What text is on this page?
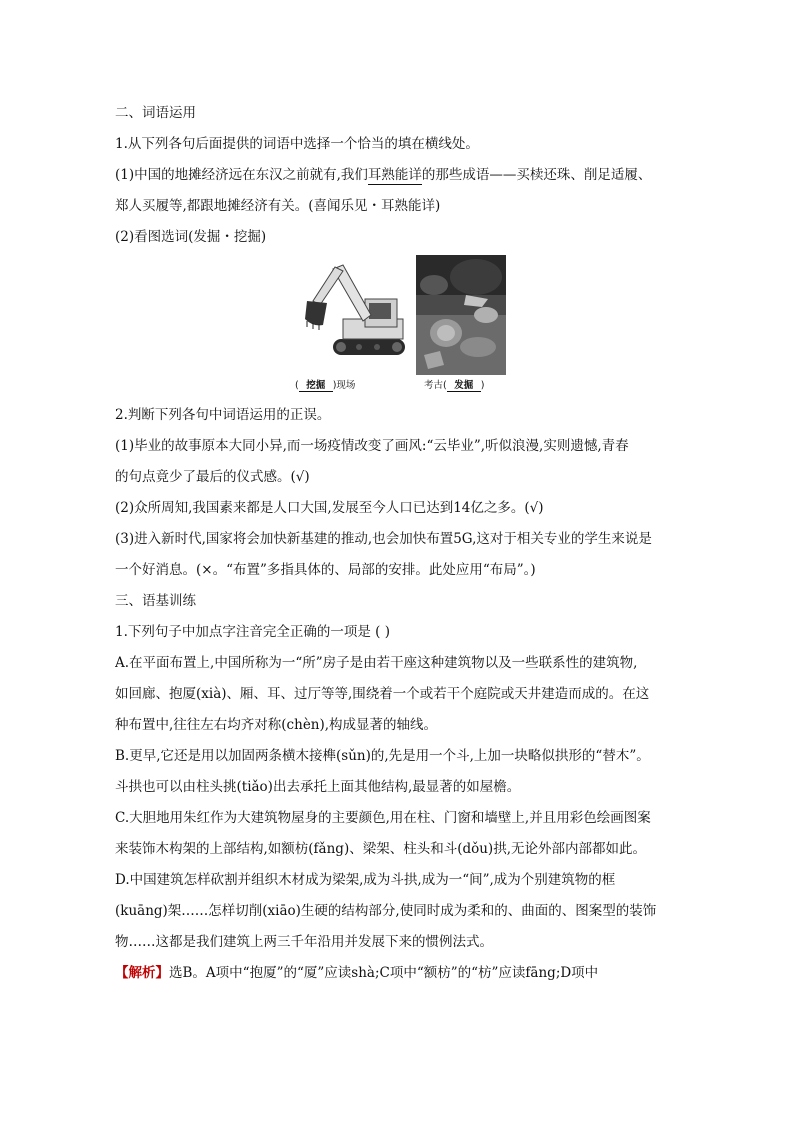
二、词语运用
1.从下列各句后面提供的词语中选择一个恰当的填在横线处。
(1)中国的地摊经济远在东汉之前就有,我们耳熟能详的那些成语——买椟还珠、削足适履、
郑人买履等,都跟地摊经济有关。(喜闻乐见・耳熟能详)
(2)看图选词(发掘・挖掘)
( 挖掘 )现场	考古( 发掘 )
2.判断下列各句中词语运用的正误。
(1)毕业的故事原本大同小异,而一场疫情改变了画风:“云毕业”,听似浪漫,实则遗憾,青春
的句点竟少了最后的仪式感。(√)
(2)众所周知,我国素来都是人口大国,发展至今人口已达到14亿之多。(√)
(3)进入新时代,国家将会加快新基建的推动,也会加快布置5G,这对于相关专业的学生来说是
一个好消息。(×。“布置”多指具体的、局部的安排。此处应用“布局”。)
三、语基训练
1.下列句子中加点字注音完全正确的一项是 ( )
A.在平面布置上,中国所称为一“所”房子是由若干座这种建筑物以及一些联系性的建筑物,
如回廊、抱厦(xià)、厢、耳、过厅等等,围绕着一个或若干个庭院或天井建造而成的。在这
种布置中,往往左右均齐对称(chèn),构成显著的轴线。
B.更早,它还是用以加固两条横木接榫(sǔn)的,先是用一个斗,上加一块略似拱形的“替木”。
斗拱也可以由柱头挑(tiǎo)出去承托上面其他结构,最显著的如屋檐。
C.大胆地用朱红作为大建筑物屋身的主要颜色,用在柱、门窗和墙壁上,并且用彩色绘画图案
来装饰木构架的上部结构,如额枋(fǎng)、梁架、柱头和斗(dǒu)拱,无论外部内部都如此。
D.中国建筑怎样砍割并组织木材成为梁架,成为斗拱,成为一“间”,成为个别建筑物的框
(kuāng)架……怎样切削(xiāo)生硬的结构部分,使同时成为柔和的、曲面的、图案型的装饰
物……这都是我们建筑上两三千年沿用并发展下来的惯例法式。
【解析】选B。A项中“抱厦”的“厦”应读shà;C项中“额枋”的“枋”应读fāng;D项中
